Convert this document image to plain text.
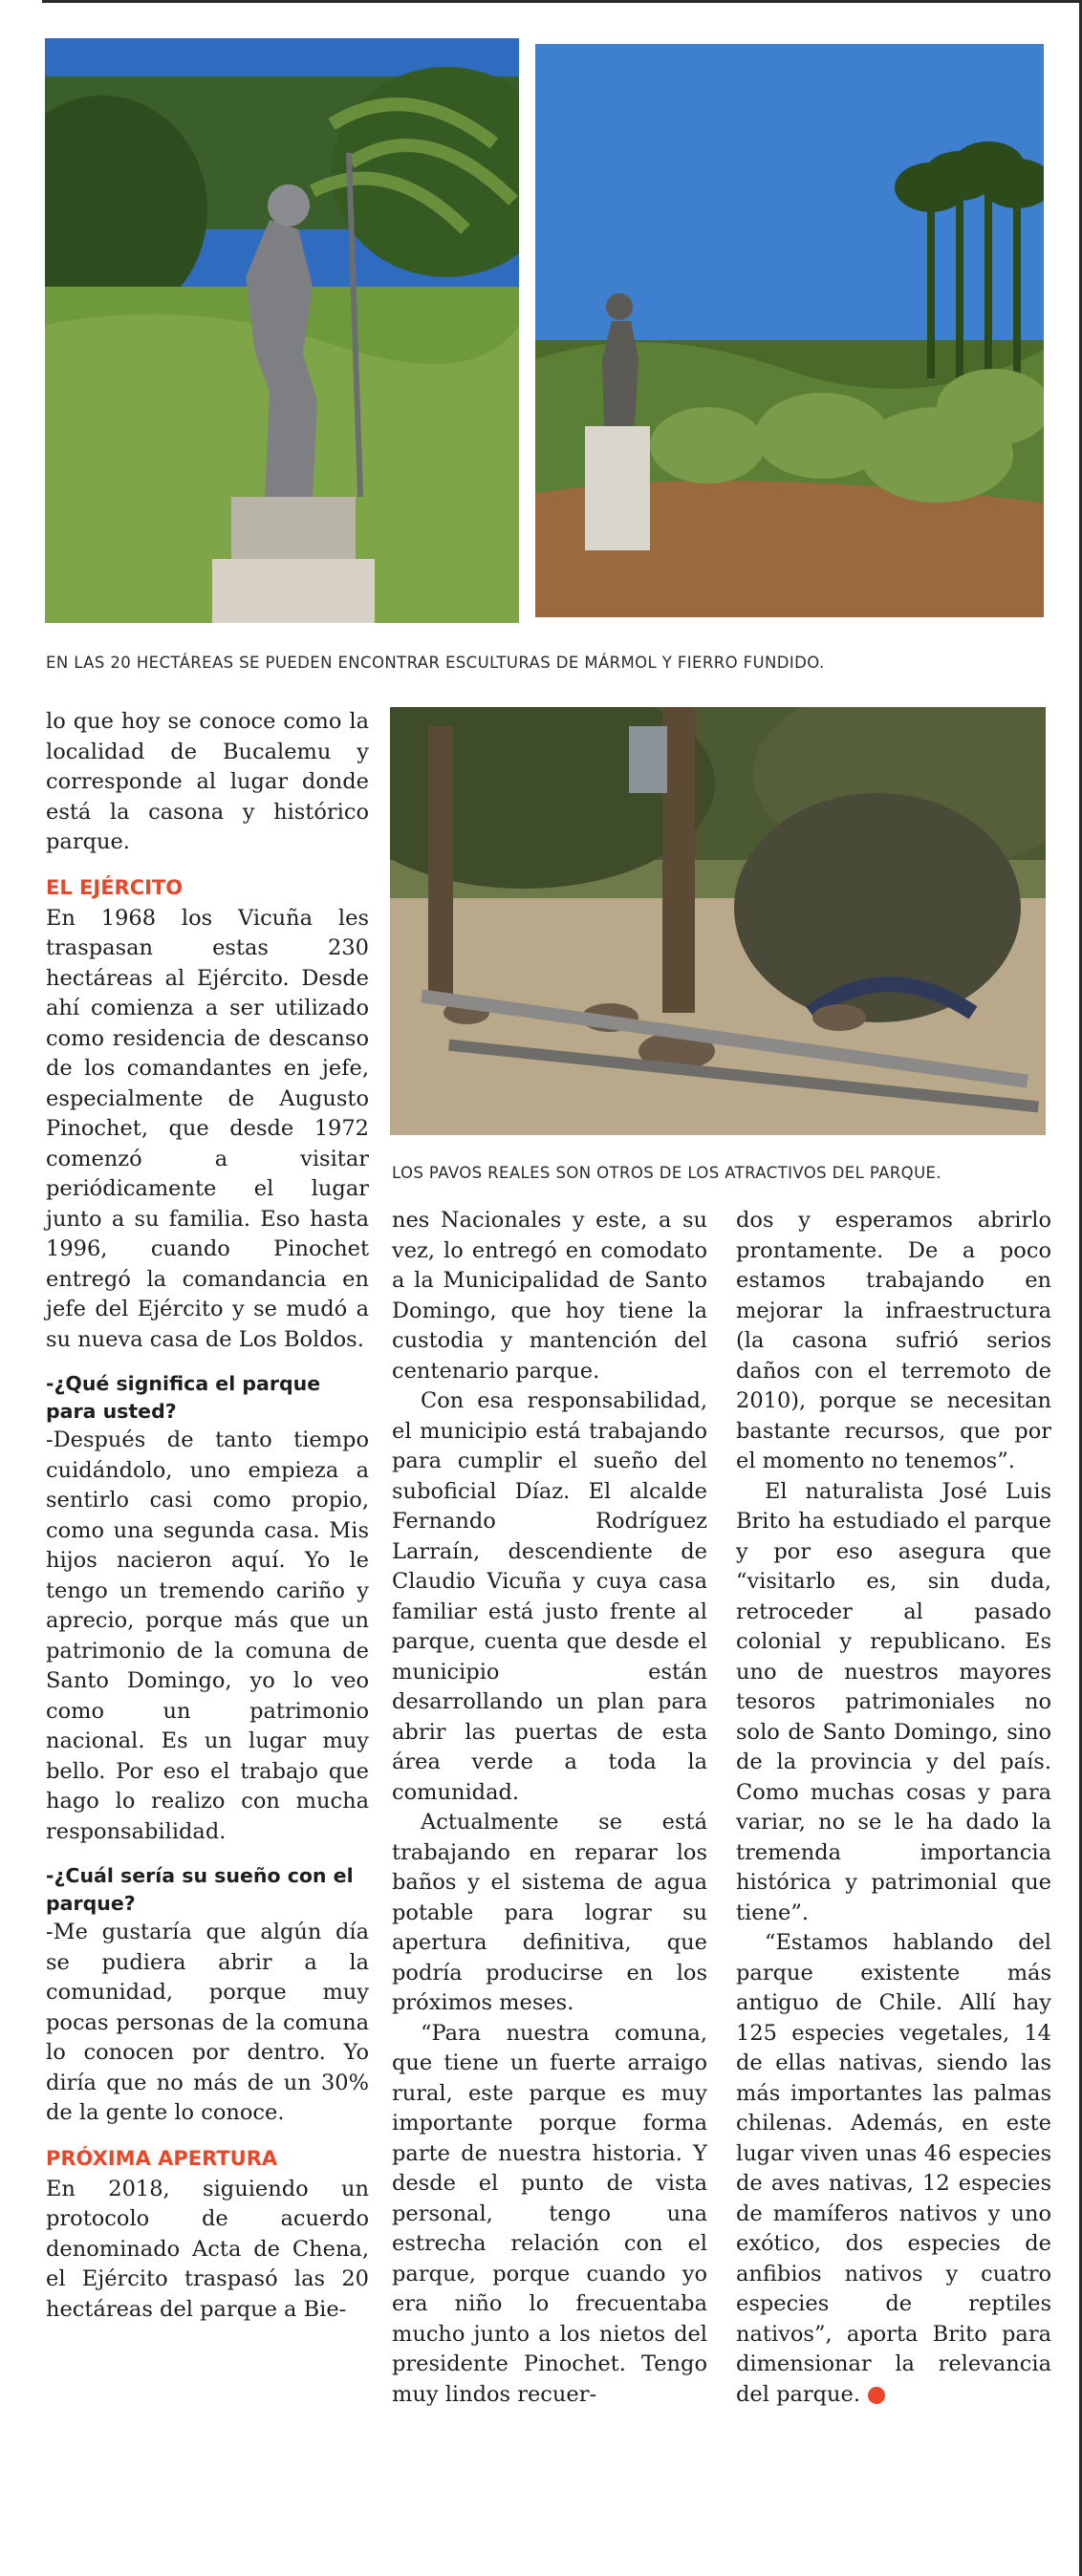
EN LAS 20 HECTÁREAS SE PUEDEN ENCONTRAR ESCULTURAS DE MÁRMOL Y FIERRO FUNDIDO.
LOS PAVOS REALES SON OTROS DE LOS ATRACTIVOS DEL PARQUE.

lo que hoy se conoce como la localidad de Bucalemu y corresponde al lugar donde está la casona y histórico parque.

EL EJÉRCITO

En 1968 los Vicuña les traspasan estas 230 hectáreas al Ejército. Desde ahí comienza a ser utilizado como residencia de descanso de los comandantes en jefe, especialmente de Augusto Pinochet, que desde 1972 comenzó a visitar periódicamente el lugar junto a su familia. Eso hasta 1996, cuando Pinochet entregó la comandancia en jefe del Ejército y se mudó a su nueva casa de Los Boldos.

-¿Qué significa el parque para usted?

-Después de tanto tiempo cuidándolo, uno empieza a sentirlo casi como propio, como una segunda casa. Mis hijos nacieron aquí. Yo le tengo un tremendo cariño y aprecio, porque más que un patrimonio de la comuna de Santo Domingo, yo lo veo como un patrimonio nacional. Es un lugar muy bello. Por eso el trabajo que hago lo realizo con mucha responsabilidad.

-¿Cuál sería su sueño con el parque?

-Me gustaría que algún día se pudiera abrir a la comunidad, porque muy pocas personas de la comuna lo conocen por dentro. Yo diría que no más de un 30% de la gente lo conoce.

PRÓXIMA APERTURA

En 2018, siguiendo un protocolo de acuerdo denominado Acta de Chena, el Ejército traspasó las 20 hectáreas del parque a Bie-

nes Nacionales y este, a su vez, lo entregó en comodato a la Municipalidad de Santo Domingo, que hoy tiene la custodia y mantención del centenario parque.

Con esa responsabilidad, el municipio está trabajando para cumplir el sueño del suboficial Díaz. El alcalde Fernando Rodríguez Larraín, descendiente de Claudio Vicuña y cuya casa familiar está justo frente al parque, cuenta que desde el municipio están desarrollando un plan para abrir las puertas de esta área verde a toda la comunidad.

Actualmente se está trabajando en reparar los baños y el sistema de agua potable para lograr su apertura definitiva, que podría producirse en los próximos meses.

“Para nuestra comuna, que tiene un fuerte arraigo rural, este parque es muy importante porque forma parte de nuestra historia. Y desde el punto de vista personal, tengo una estrecha relación con el parque, porque cuando yo era niño lo frecuentaba mucho junto a los nietos del presidente Pinochet. Tengo muy lindos recuer-

dos y esperamos abrirlo prontamente. De a poco estamos trabajando en mejorar la infraestructura (la casona sufrió serios daños con el terremoto de 2010), porque se necesitan bastante recursos, que por el momento no tenemos”.

El naturalista José Luis Brito ha estudiado el parque y por eso asegura que “visitarlo es, sin duda, retroceder al pasado colonial y republicano. Es uno de nuestros mayores tesoros patrimoniales no solo de Santo Domingo, sino de la provincia y del país. Como muchas cosas y para variar, no se le ha dado la tremenda importancia histórica y patrimonial que tiene”.

“Estamos hablando del parque existente más antiguo de Chile. Allí hay 125 especies vegetales, 14 de ellas nativas, siendo las más importantes las palmas chilenas. Además, en este lugar viven unas 46 especies de aves nativas, 12 especies de mamíferos nativos y uno exótico, dos especies de anfibios nativos y cuatro especies de reptiles nativos”, aporta Brito para dimensionar la relevancia del parque.	✿
